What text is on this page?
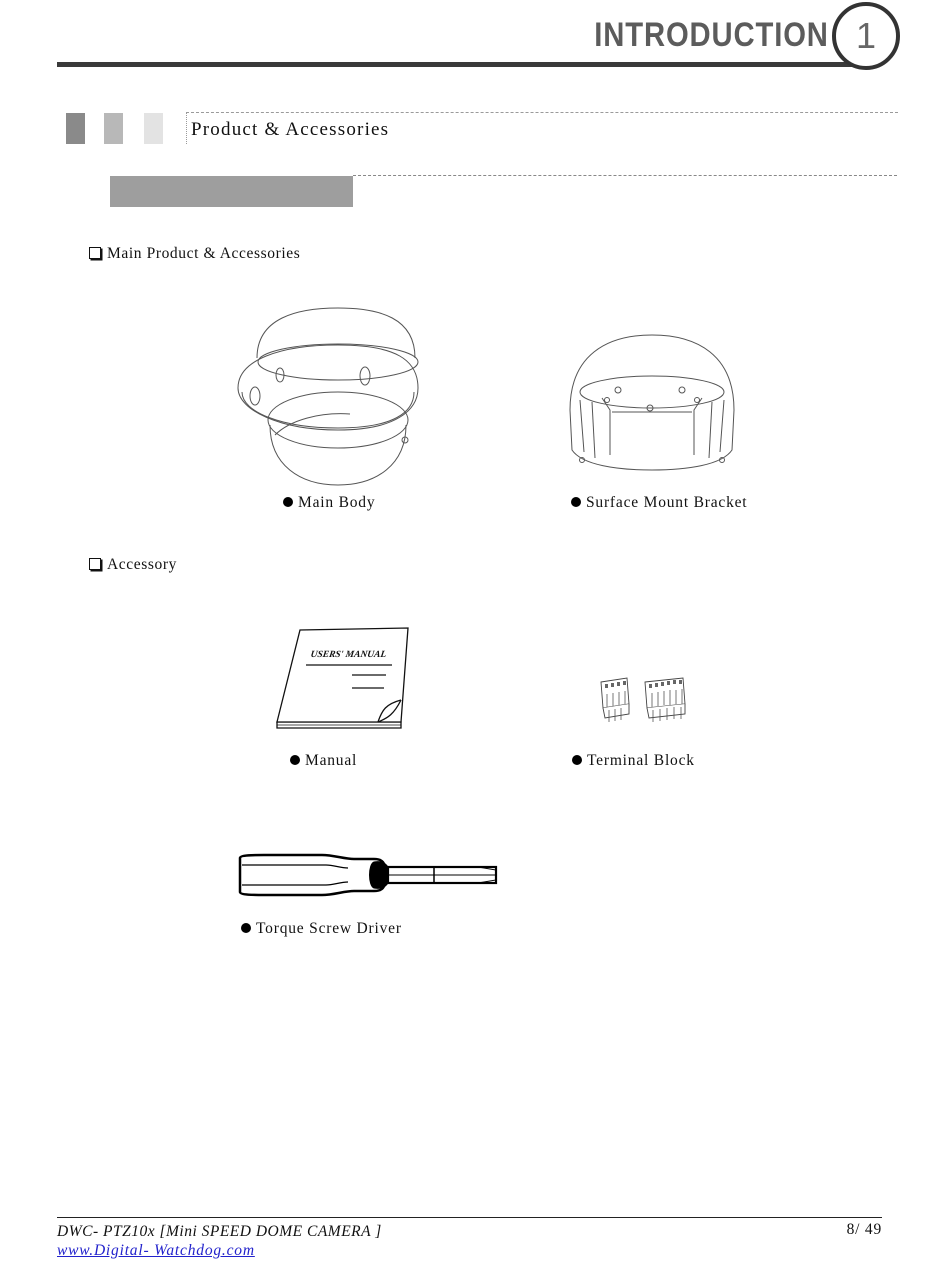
INTRODUCTION 1
Product & Accessories
Main Product & Accessories
Main Body	Surface Mount Bracket
Accessory
USERS' MANUAL
Manual	Terminal Block
Torque Screw Driver
DWC- PTZ10x [Mini SPEED DOME CAMERA ]
www.Digital- Watchdog.com
8/ 49
